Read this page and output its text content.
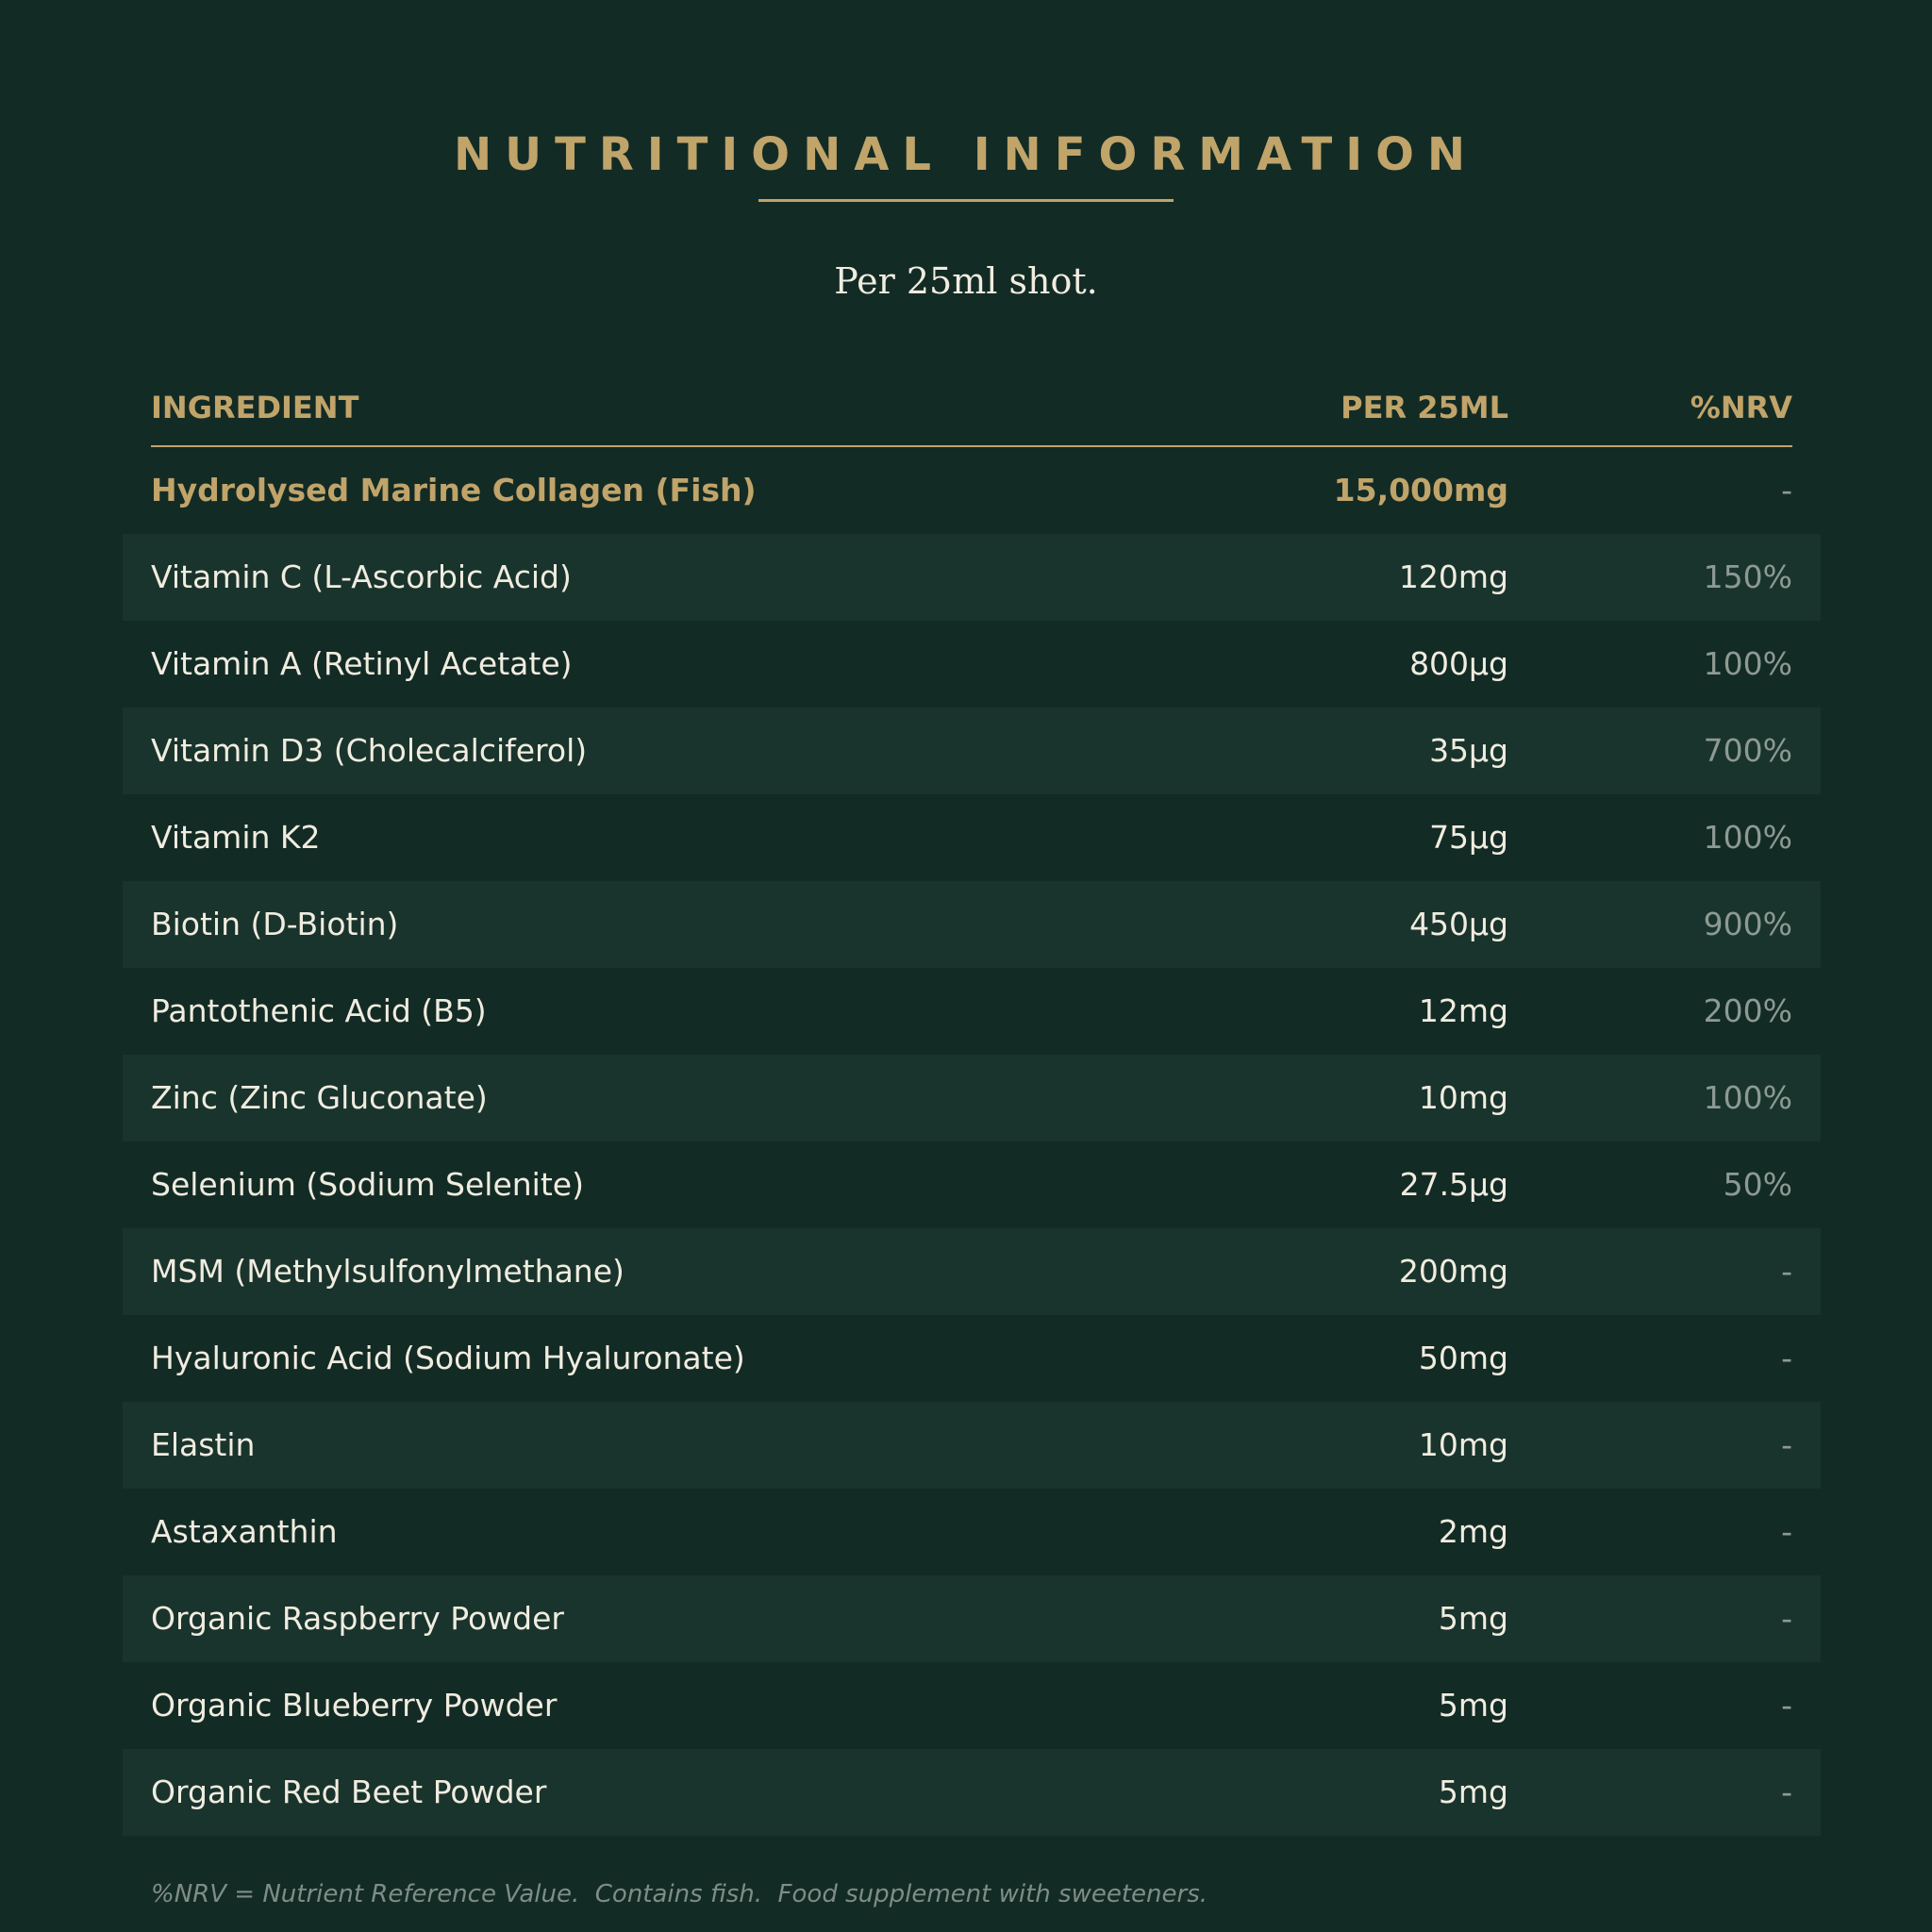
NUTRITIONAL INFORMATION
Per 25ml shot.
INGREDIENT	PER 25ML	%NRV
Hydrolysed Marine Collagen (Fish)	15,000mg	-
Vitamin C (L-Ascorbic Acid)	120mg	150%
Vitamin A (Retinyl Acetate)	800µg	100%
Vitamin D3 (Cholecalciferol)	35µg	700%
Vitamin K2	75µg	100%
Biotin (D-Biotin)	450µg	900%
Pantothenic Acid (B5)	12mg	200%
Zinc (Zinc Gluconate)	10mg	100%
Selenium (Sodium Selenite)	27.5µg	50%
MSM (Methylsulfonylmethane)	200mg	-
Hyaluronic Acid (Sodium Hyaluronate)	50mg	-
Elastin	10mg	-
Astaxanthin	2mg	-
Organic Raspberry Powder	5mg	-
Organic Blueberry Powder	5mg	-
Organic Red Beet Powder	5mg	-
%NRV = Nutrient Reference Value.  Contains fish.  Food supplement with sweeteners.
